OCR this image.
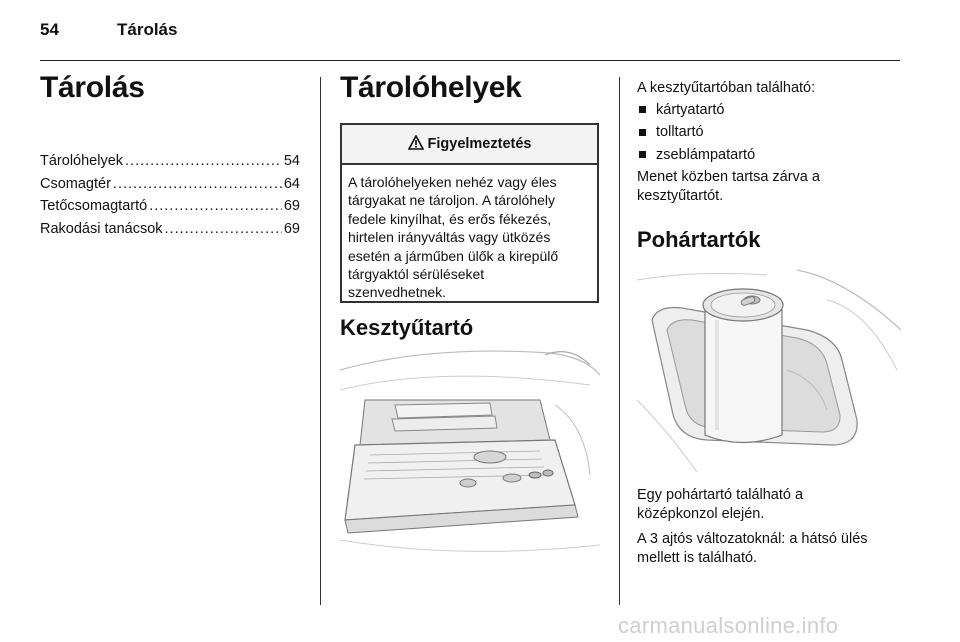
54	Tárolás
Tárolás
Tárolóhelyek .....	54
Csomagtér .....	64
Tetőcsomagtartó .....	69
Rakodási tanácsok .....	69
Tárolóhelyek
Figyelmeztetés
A tárolóhelyeken nehéz vagy éles
tárgyakat ne tároljon. A tárolóhely
fedele kinyílhat, és erős fékezés,
hirtelen irányváltás vagy ütközés
esetén a járműben ülők a kirepülő
tárgyaktól sérüléseket
szenvedhetnek.
Kesztyűtartó
A kesztyűtartóban található:
kártyatartó
tolltartó
zseblámpatartó
Menet közben tartsa zárva a
kesztyűtartót.
Pohártartók
Egy pohártartó található a
középkonzol elején.
A 3 ajtós változatoknál: a hátsó ülés
mellett is található.
carmanualsonline.info
